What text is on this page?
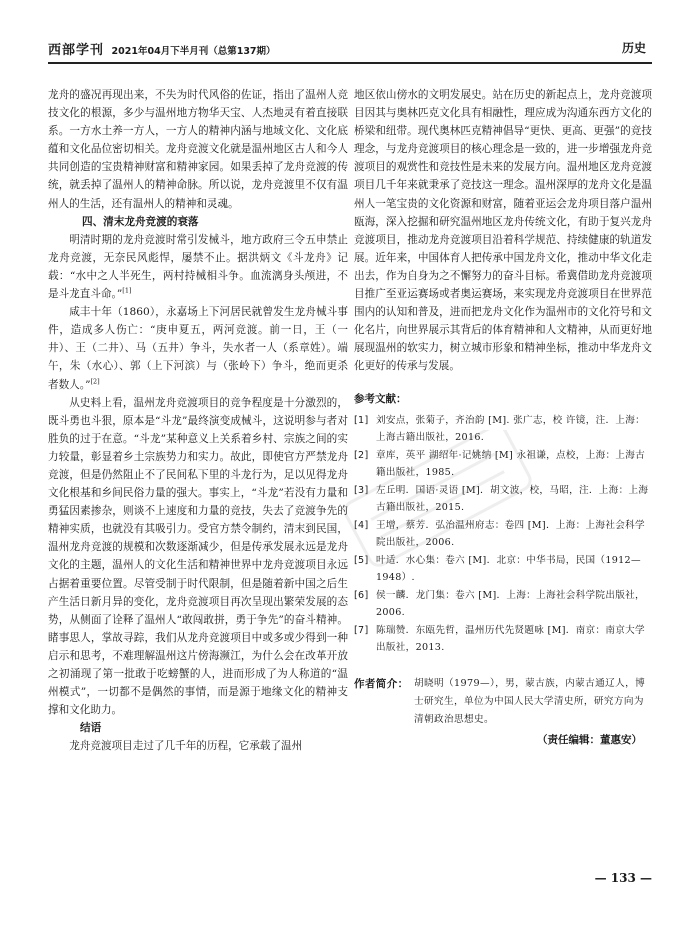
西部学刊 2021年04月下半月刊（总第137期）	历史

龙舟的盛况再现出来，不失为时代风俗的佐证，指出了温州人竞技文化的根源，多少与温州地方物华天宝、人杰地灵有着直接联系。一方水土养一方人，一方人的精神内涵与地域文化、文化底蕴和文化品位密切相关。龙舟竞渡文化就是温州地区古人和今人共同创造的宝贵精神财富和精神家园。如果丢掉了龙舟竞渡的传统，就丢掉了温州人的精神命脉。所以说，龙舟竞渡里不仅有温州人的生活，还有温州人的精神和灵魂。

四、清末龙舟竞渡的衰落

明清时期的龙舟竞渡时常引发械斗，地方政府三令五申禁止龙舟竞渡，无奈民风彪悍，屡禁不止。据洪炳文《斗龙舟》记载：“水中之人半死生，两村持械相斗争。血流漓身头颅进，不是斗龙直斗命。”[1]

咸丰十年（1860），永嘉场上下河居民就曾发生龙舟械斗事件，造成多人伤亡：“庚申夏五，两河竞渡。前一日，王（一井）、王（二井）、马（五井）争斗，失水者一人（系章姓）。端午，朱（水心）、郭（上下河滨）与（张岭下）争斗，绝而更杀者数人。”[2]

从史料上看，温州龙舟竞渡项目的竞争程度是十分激烈的，既斗勇也斗狠，原本是“斗龙”最终演变成械斗，这说明参与者对胜负的过于在意。“斗龙”某种意义上关系着乡村、宗族之间的实力较量，彰显着乡土宗族势力和实力。故此，即使官方严禁龙舟竞渡，但是仍然阻止不了民间私下里的斗龙行为，足以见得龙舟文化根基和乡间民俗力量的强大。事实上，“斗龙”若没有力量和勇猛因素掺杂，则谈不上速度和力量的竞技，失去了竞渡争先的精神实质，也就没有其吸引力。受官方禁令制约，清末到民国，温州龙舟竞渡的规模和次数逐渐减少，但是传承发展永远是龙舟文化的主题，温州人的文化生活和精神世界中龙舟竞渡项目永远占据着重要位置。尽管受制于时代限制，但是随着新中国之后生产生活日新月异的变化，龙舟竞渡项目再次呈现出繁荣发展的态势，从侧面了诠释了温州人“敢闯敢拼，勇于争先”的奋斗精神。睹事思人，掌故寻踪，我们从龙舟竞渡项目中或多或少得到一种启示和思考，不难理解温州这片傍海濒江，为什么会在改革开放之初涌现了第一批敢于吃螃蟹的人，进而形成了为人称道的“温州模式”，一切都不是偶然的事情，而是源于地缘文化的精神支撑和文化助力。

结语

龙舟竞渡项目走过了几千年的历程，它承载了温州

地区依山傍水的文明发展史。站在历史的新起点上，龙舟竞渡项目因其与奥林匹克文化具有相融性，理应成为沟通东西方文化的桥梁和纽带。现代奥林匹克精神倡导“更快、更高、更强”的竞技理念，与龙舟竞渡项目的核心理念是一致的，进一步增强龙舟竞渡项目的观赏性和竞技性是未来的发展方向。温州地区龙舟竞渡项目几千年来就秉承了竞技这一理念。温州深厚的龙舟文化是温州人一笔宝贵的文化资源和财富，随着亚运会龙舟项目落户温州瓯海，深入挖掘和研究温州地区龙舟传统文化，有助于复兴龙舟竞渡项目，推动龙舟竞渡项目沿着科学规范、持续健康的轨道发展。近年来，中国体育人把传承中国龙舟文化，推动中华文化走出去，作为自身为之不懈努力的奋斗目标。希冀借助龙舟竞渡项目推广至亚运赛场或者奥运赛场，来实现龙舟竞渡项目在世界范围内的认知和普及，进而把龙舟文化作为温州市的文化符号和文化名片，向世界展示其背后的体育精神和人文精神，从而更好地展现温州的软实力，树立城市形象和精神坐标，推动中华龙舟文化更好的传承与发展。

参考文献：
[1] 刘安点，张菊子，齐治韵 [M]. 张广志，校 许镜，注．上海：上海古籍出版社，2016.
[2] 章库，英平 湖绍年·记姚纳 [M] 永祖谦，点校，上海：上海古籍出版社，1985.
[3] 左丘明．国语·灵语 [M]．胡文波，校，马昭，注．上海：上海古籍出版社，2015.
[4] 王增，蔡芳．弘治温州府志：卷四 [M]．上海：上海社会科学院出版社，2006.
[5] 叶适．水心集：卷六 [M]．北京：中华书局，民国（1912—1948）.
[6] 侯一麟．龙门集：卷六 [M]．上海：上海社会科学院出版社，2006.
[7] 陈瑞赞．东瓯先哲，温州历代先贤题咏 [M]．南京：南京大学出版社，2013.
作者简介： 胡晓明（1979—），男，蒙古族，内蒙古通辽人，博士研究生，单位为中国人民大学清史所，研究方向为清朝政治思想史。
（责任编辑：董惠安）
— 133 —
